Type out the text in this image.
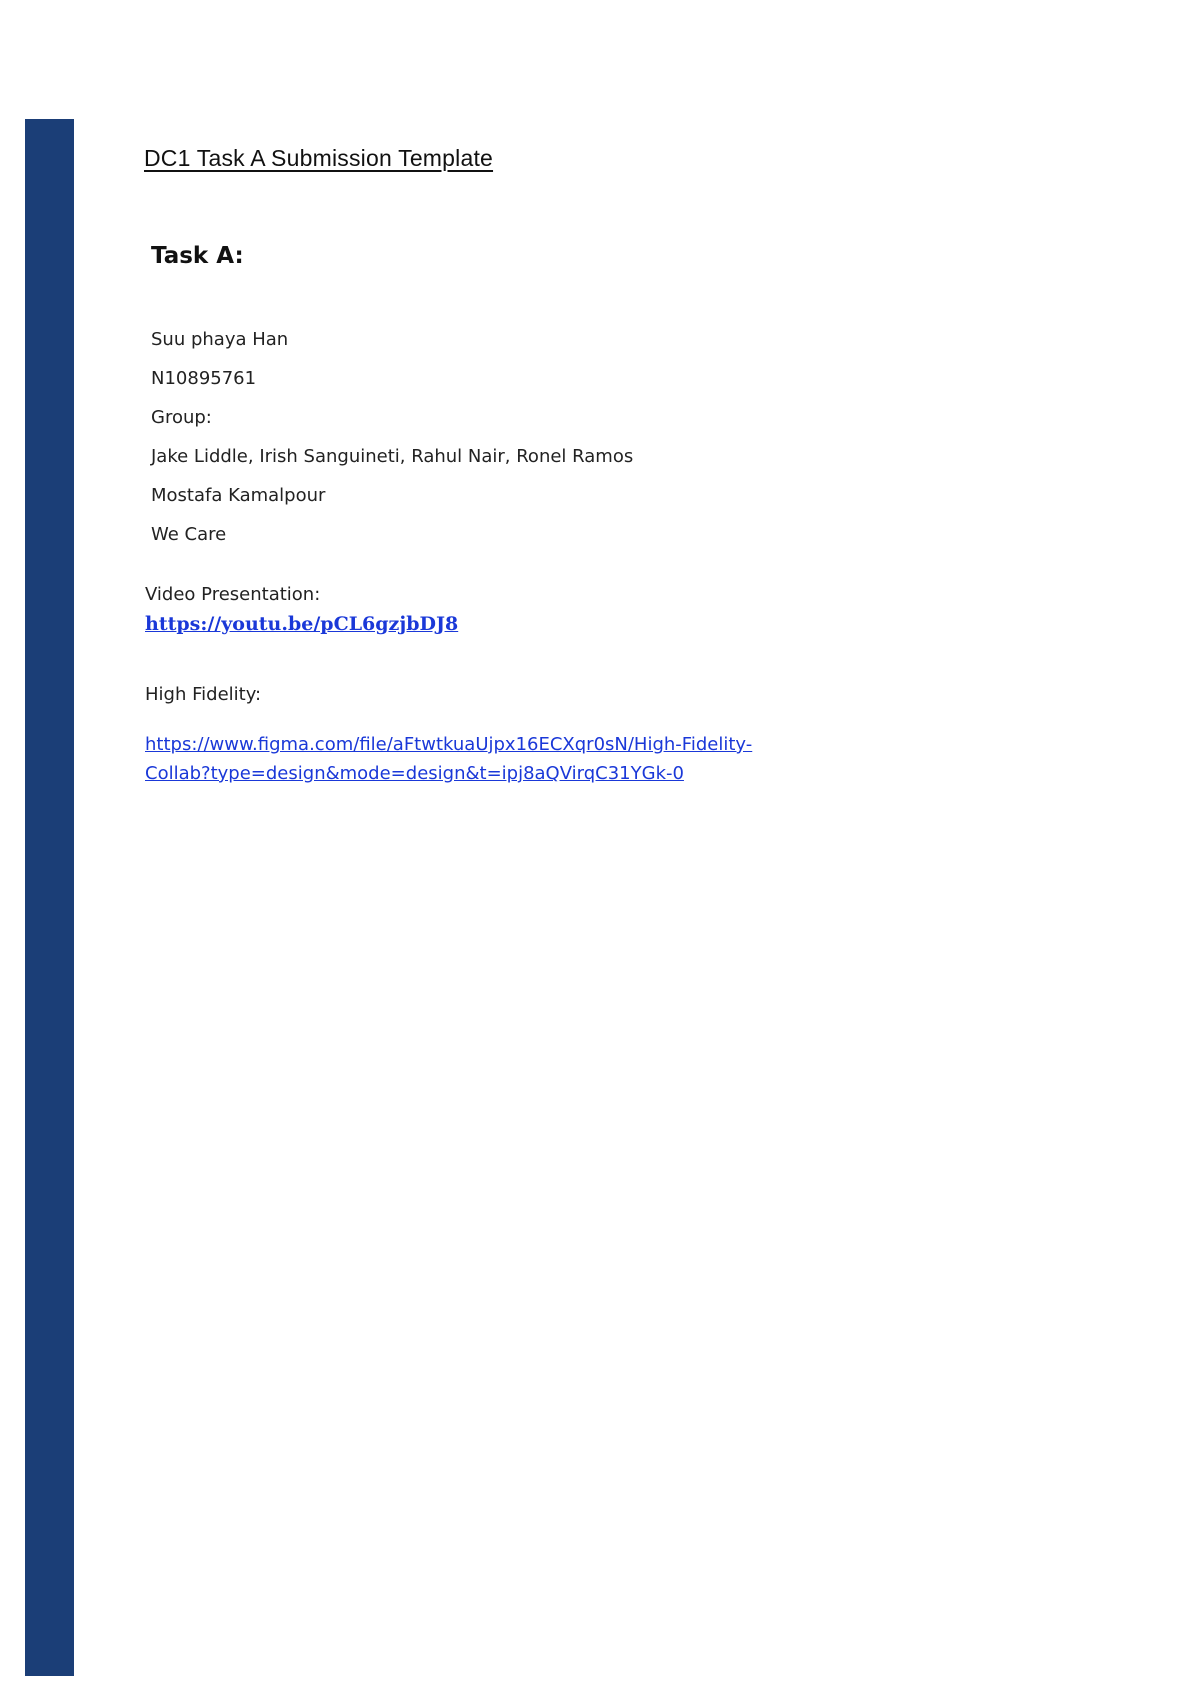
DC1 Task A Submission Template
Task A:
Suu phaya Han
N10895761
Group:
Jake Liddle, Irish Sanguineti, Rahul Nair, Ronel Ramos
Mostafa Kamalpour
We Care
Video Presentation:
https://youtu.be/pCL6gzjbDJ8
High Fidelity:
https://www.figma.com/file/aFtwtkuaUjpx16ECXqr0sN/High-Fidelity-
Collab?type=design&mode=design&t=ipj8aQVirqC31YGk-0
